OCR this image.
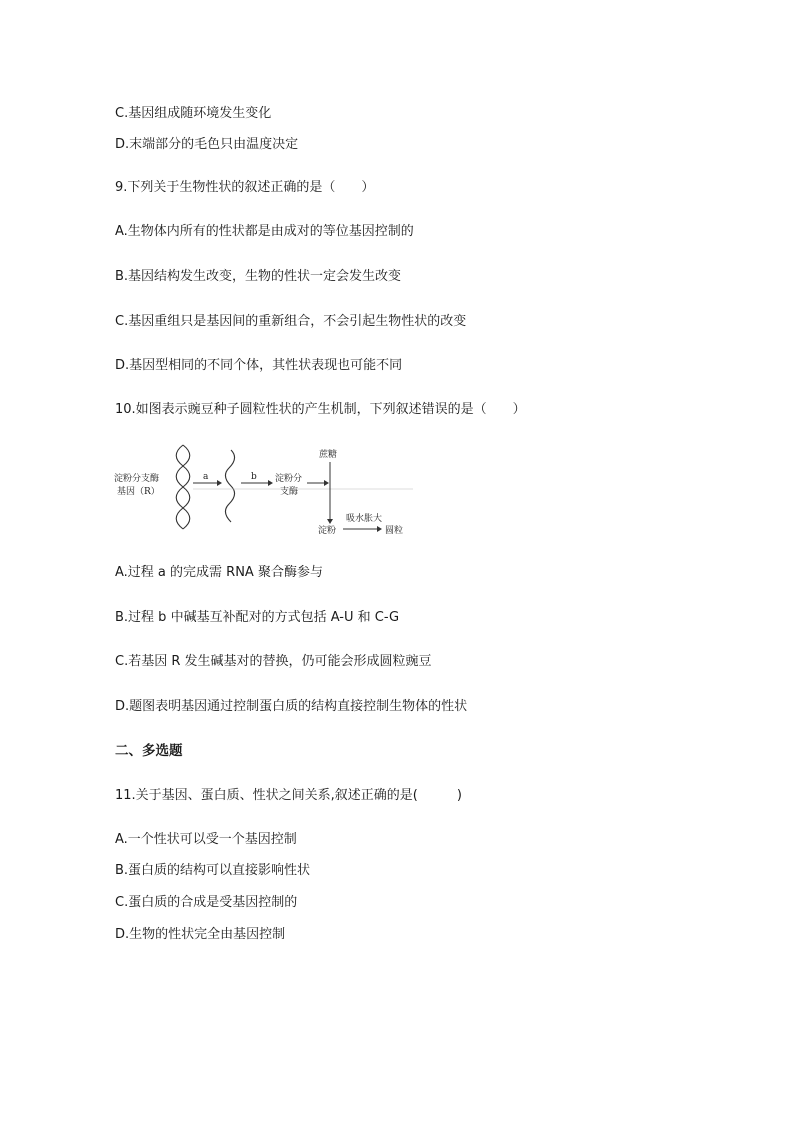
C.基因组成随环境发生变化
D.末端部分的毛色只由温度决定
9.下列关于生物性状的叙述正确的是（　　）
A.生物体内所有的性状都是由成对的等位基因控制的
B.基因结构发生改变，生物的性状一定会发生改变
C.基因重组只是基因间的重新组合，不会引起生物性状的改变
D.基因型相同的不同个体，其性状表现也可能不同
10.如图表示豌豆种子圆粒性状的产生机制，下列叙述错误的是（　　）
淀粉分支酶
基因（R）
a	b 淀粉分
支酶
蔗糖
淀粉
吸水胀大
圆粒
A.过程 a 的完成需 RNA 聚合酶参与
B.过程 b 中碱基互补配对的方式包括 A-U 和 C-G
C.若基因 R 发生碱基对的替换，仍可能会形成圆粒豌豆
D.题图表明基因通过控制蛋白质的结构直接控制生物体的性状
二、多选题
11.关于基因、蛋白质、性状之间关系,叙述正确的是(　　　)
A.一个性状可以受一个基因控制
B.蛋白质的结构可以直接影响性状
C.蛋白质的合成是受基因控制的
D.生物的性状完全由基因控制
